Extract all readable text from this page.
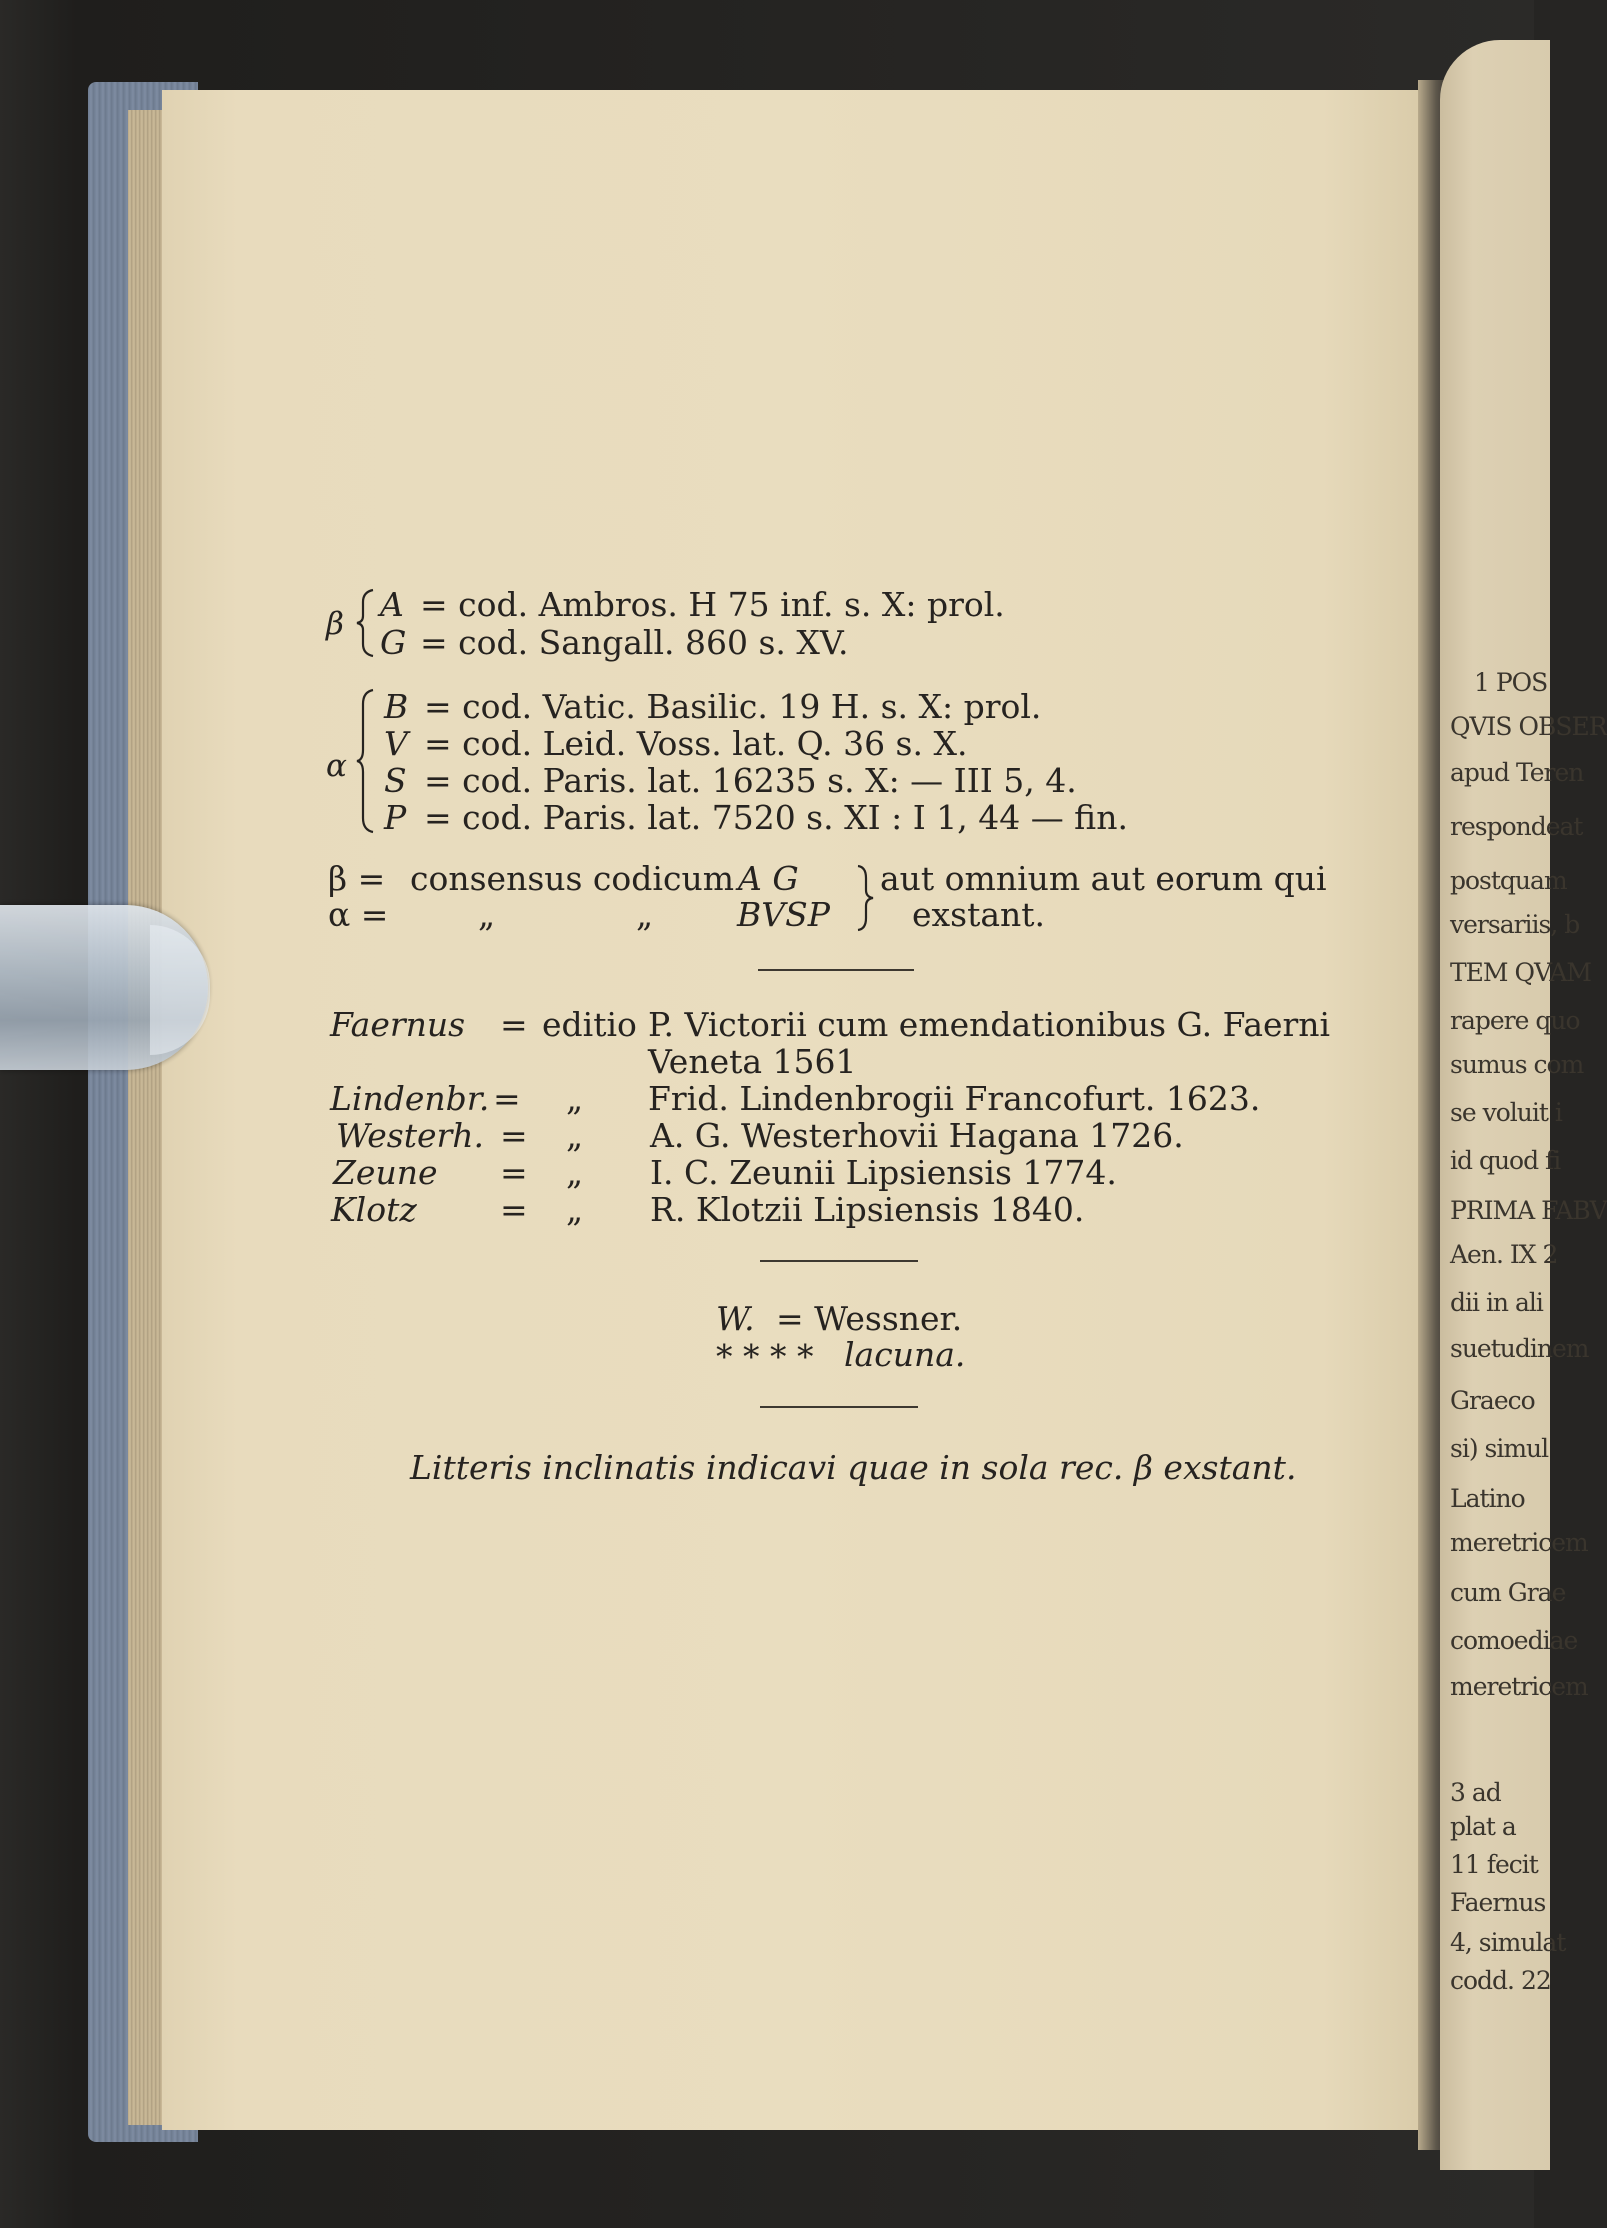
1 POS
QVIS OBSER
apud Teren
respondeat
postquam
versariis, b
TEM QVAM
rapere quo
sumus com
se voluit i
id quod fi
PRIMA FABV
Aen. IX 2
dii in ali
suetudinem
Graeco
si) simul
Latino
meretricem
cum Grae
comoediae
meretricem
3 ad
plat a
11 fecit
Faernus
4, simulat
codd. 22
β A = cod. Ambros. H 75 inf. s. X: prol.
G = cod. Sangall. 860 s. XV.
α
B = cod. Vatic. Basilic. 19 H. s. X: prol.
V = cod. Leid. Voss. lat. Q. 36 s. X.
S = cod. Paris. lat. 16235 s. X: — III 5, 4.
P = cod. Paris. lat. 7520 s. XI : I 1, 44 — fin.
β = consensus codicum A G
α =	„	„	BVSP
aut omnium aut eorum qui
exstant.
Faernus = editio P. Victorii cum emendationibus G. Faerni
Veneta 1561
Lindenbr. = „ Frid. Lindenbrogii Francofurt. 1623.
Westerh. = „ A. G. Westerhovii Hagana 1726.
Zeune = „ I. C. Zeunii Lipsiensis 1774.
Klotz	= „ R. Klotzii Lipsiensis 1840.
W. = Wessner.
* * * * lacuna.
Litteris inclinatis indicavi quae in sola rec. β exstant.
